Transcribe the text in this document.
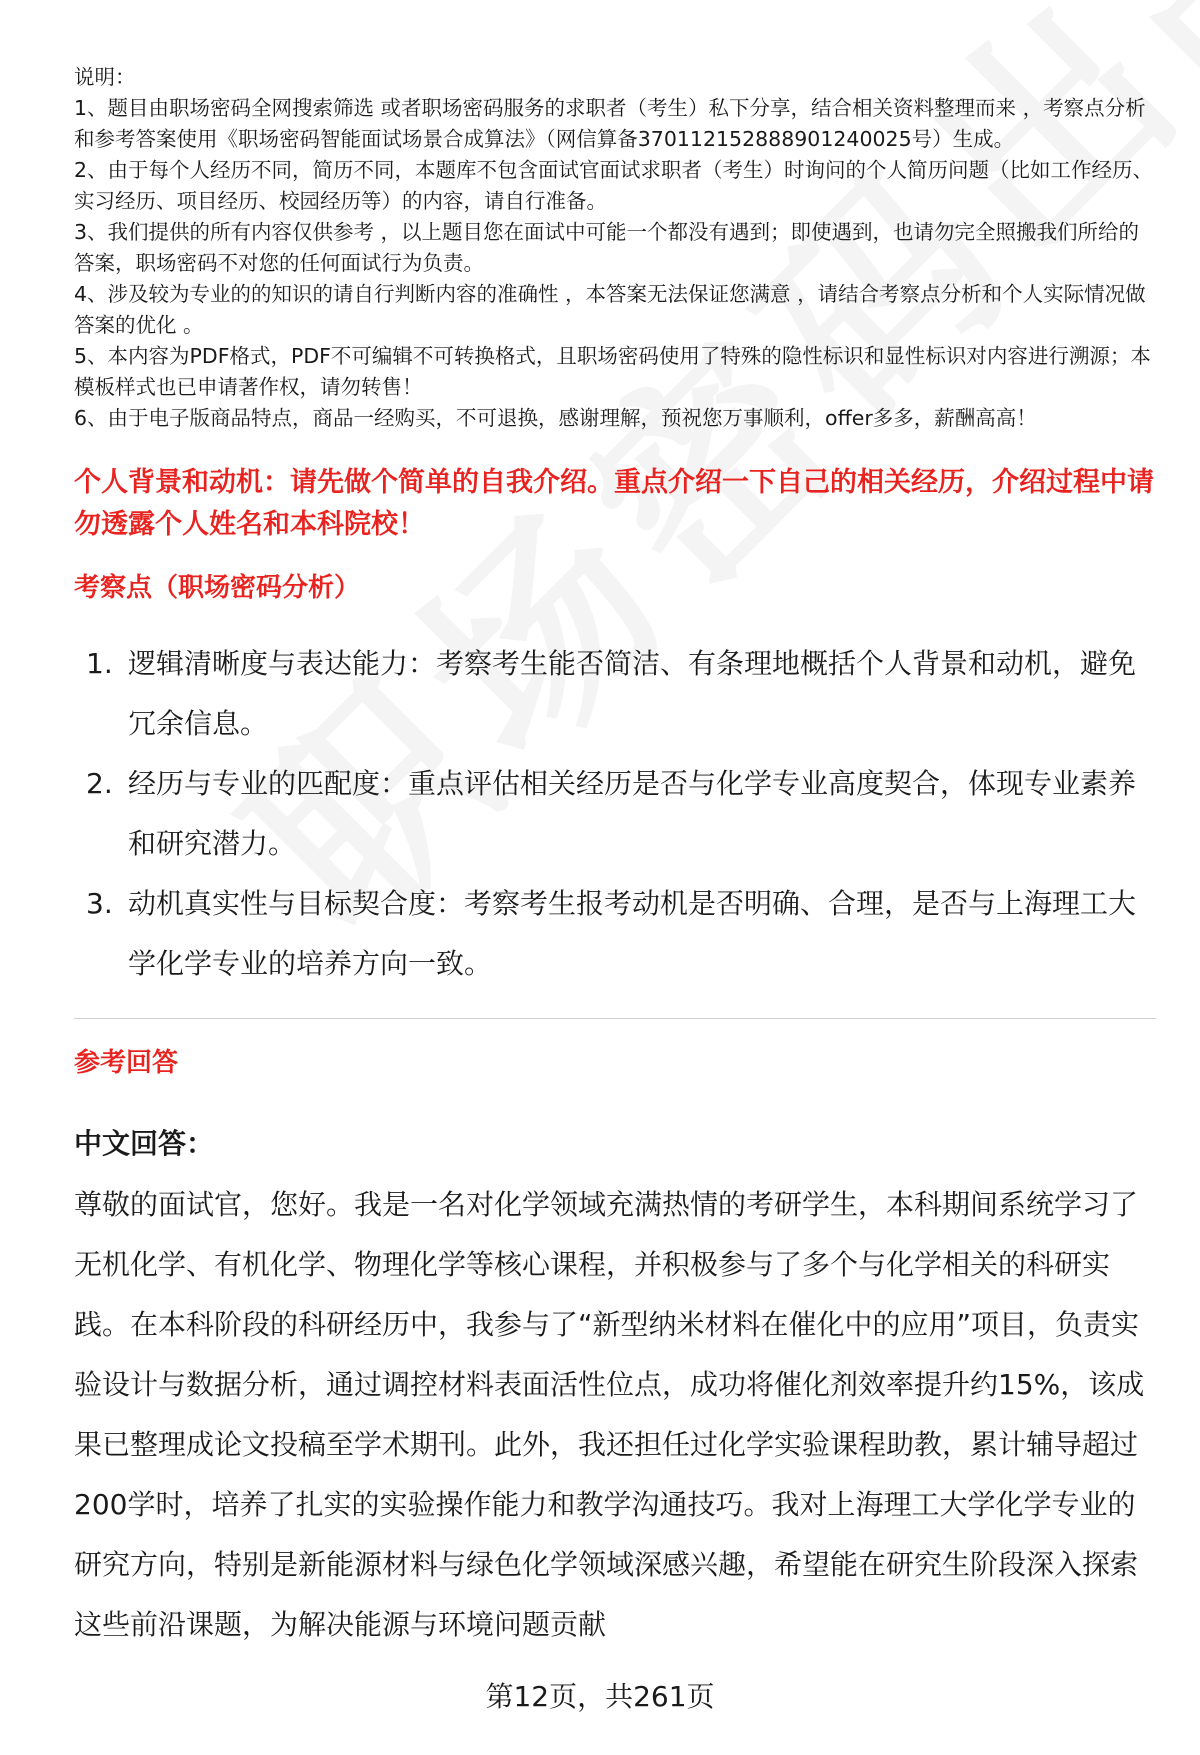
说明：

1、题目由职场密码全网搜索筛选 或者职场密码服务的求职者（考生）私下分享，结合相关资料整理而来 ，考察点分析和参考答案使用《职场密码智能面试场景合成算法》（网信算备370112152888901240025号）生成。

2、由于每个人经历不同，简历不同，本题库不包含面试官面试求职者（考生）时询问的个人简历问题（比如工作经历、实习经历、项目经历、校园经历等）的内容，请自行准备。

3、我们提供的所有内容仅供参考 ，以上题目您在面试中可能一个都没有遇到；即使遇到，也请勿完全照搬我们所给的答案，职场密码不对您的任何面试行为负责。

4、涉及较为专业的的知识的请自行判断内容的准确性 ，本答案无法保证您满意 ，请结合考察点分析和个人实际情况做答案的优化 。

5、本内容为PDF格式，PDF不可编辑不可转换格式，且职场密码使用了特殊的隐性标识和显性标识对内容进行溯源；本模板样式也已申请著作权，请勿转售！

6、由于电子版商品特点，商品一经购买，不可退换，感谢理解，预祝您万事顺利，offer多多，薪酬高高！

个人背景和动机：请先做个简单的自我介绍。重点介绍一下自己的相关经历，介绍过程中请勿透露个人姓名和本科院校！
考察点（职场密码分析）
1. 逻辑清晰度与表达能力：考察考生能否简洁、有条理地概括个人背景和动机，避免冗余信息。
2. 经历与专业的匹配度：重点评估相关经历是否与化学专业高度契合，体现专业素养和研究潜力。
3. 动机真实性与目标契合度：考察考生报考动机是否明确、合理，是否与上海理工大学化学专业的培养方向一致。
参考回答
中文回答：
尊敬的面试官，您好。我是一名对化学领域充满热情的考研学生，本科期间系统学习了无机化学、有机化学、物理化学等核心课程，并积极参与了多个与化学相关的科研实践。在本科阶段的科研经历中，我参与了“新型纳米材料在催化中的应用”项目，负责实验设计与数据分析，通过调控材料表面活性位点，成功将催化剂效率提升约15%，该成果已整理成论文投稿至学术期刊。此外，我还担任过化学实验课程助教，累计辅导超过200学时，培养了扎实的实验操作能力和教学沟通技巧。我对上海理工大学化学专业的研究方向，特别是新能源材料与绿色化学领域深感兴趣，希望能在研究生阶段深入探索这些前沿课题，为解决能源与环境问题贡献
第12页，共261页
